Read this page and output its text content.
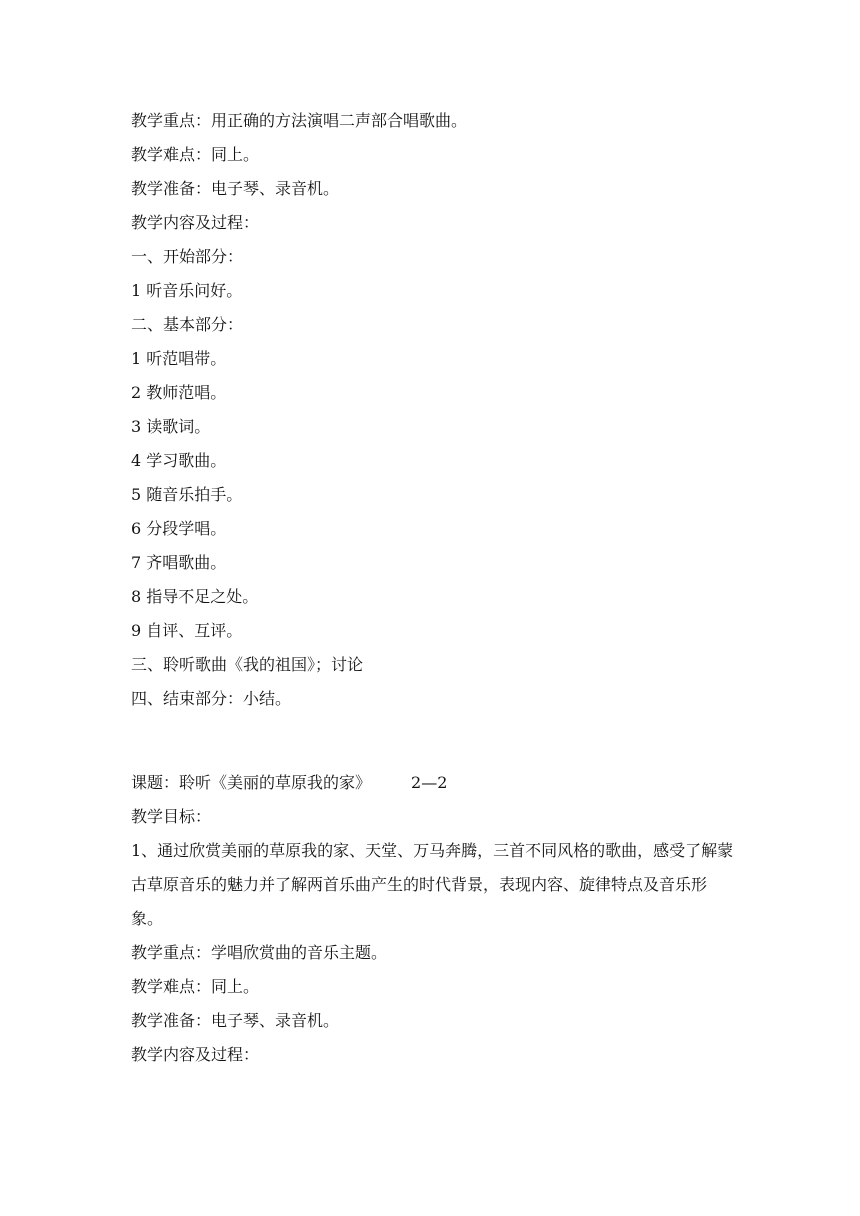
教学重点：用正确的方法演唱二声部合唱歌曲。
教学难点：同上。
教学准备：电子琴、录音机。
教学内容及过程：
一、开始部分：
1 听音乐问好。
二、基本部分：
1 听范唱带。
2 教师范唱。
3 读歌词。
4 学习歌曲。
5 随音乐拍手。
6 分段学唱。
7 齐唱歌曲。
8 指导不足之处。
9 自评、互评。
三、聆听歌曲《我的祖国》；讨论
四、结束部分：小结。
课题：聆听《美丽的草原我的家》	2—2
教学目标：
1、通过欣赏美丽的草原我的家、天堂、万马奔腾，三首不同风格的歌曲，感受了解蒙古草原音乐的魅力并了解两首乐曲产生的时代背景，表现内容、旋律特点及音乐形象。
教学重点：学唱欣赏曲的音乐主题。
教学难点：同上。
教学准备：电子琴、录音机。
教学内容及过程：
